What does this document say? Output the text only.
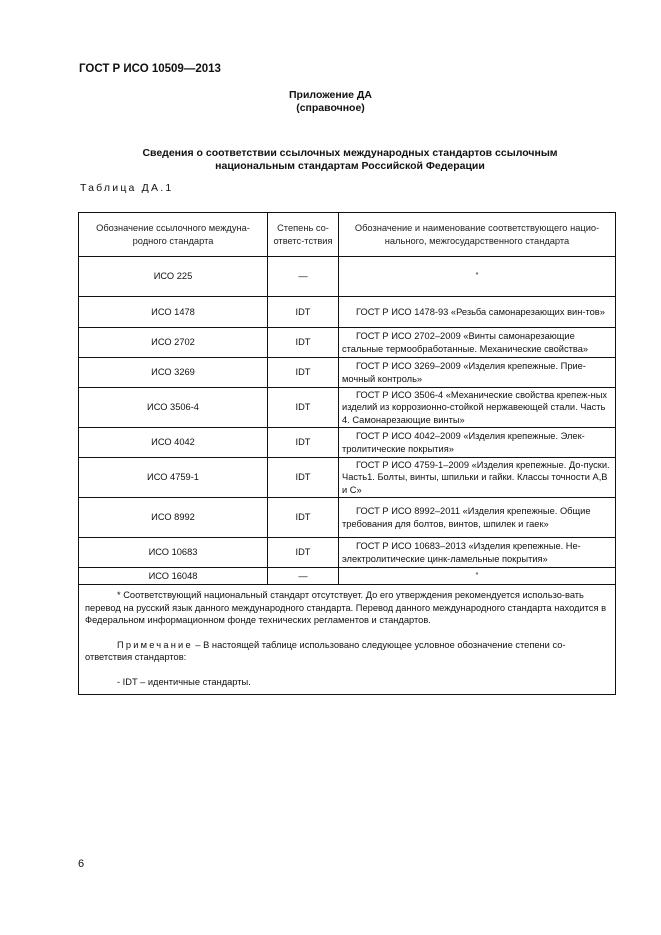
ГОСТ Р ИСО 10509—2013
Приложение ДА
(справочное)
Сведения о соответствии ссылочных международных стандартов ссылочным
национальным стандартам Российской Федерации
Таблица ДА.1
Обозначение ссылочного междуна-родного стандарта	Степень со-ответс-тствия	Обозначение и наименование соответствующего нацио-нального, межгосударственного стандарта
ИСО 225	—	*
ИСО 1478	IDT	ГОСТ Р ИСО 1478-93 «Резьба самонарезающих вин-тов»
ИСО 2702	IDT	ГОСТ Р ИСО 2702–2009 «Винты самонарезающие стальные термообработанные. Механические свойства»
ИСО 3269	IDT	ГОСТ Р ИСО 3269–2009 «Изделия крепежные. Прие-мочный контроль»
ИСО 3506-4	IDT	ГОСТ Р ИСО 3506-4 «Механические свойства крепеж-ных изделий из коррозионно-стойкой нержавеющей стали. Часть 4. Самонарезающие винты»
ИСО 4042	IDT	ГОСТ Р ИСО 4042–2009 «Изделия крепежные. Элек-тролитические покрытия»
ИСО 4759-1	IDT	ГОСТ Р ИСО 4759-1–2009 «Изделия крепежные. До-пуски. Часть1. Болты, винты, шпильки и гайки. Классы точности А,В и С»
ИСО 8992	IDT	ГОСТ Р ИСО 8992–2011 «Изделия крепежные. Общие требования для болтов, винтов, шпилек и гаек»
ИСО 10683	IDT	ГОСТ Р ИСО 10683–2013 «Изделия крепежные. Не-электролитические цинк-ламельные покрытия»
ИСО 16048	—	*

* Соответствующий национальный стандарт отсутствует. До его утверждения рекомендуется использо-вать перевод на русский язык данного международного стандарта. Перевод данного международного стандарта находится в Федеральном информационном фонде технических регламентов и стандартов.

Примечание – В настоящей таблице использовано следующее условное обозначение степени со-ответствия стандартов:

- IDT – идентичные стандарты.		

6
